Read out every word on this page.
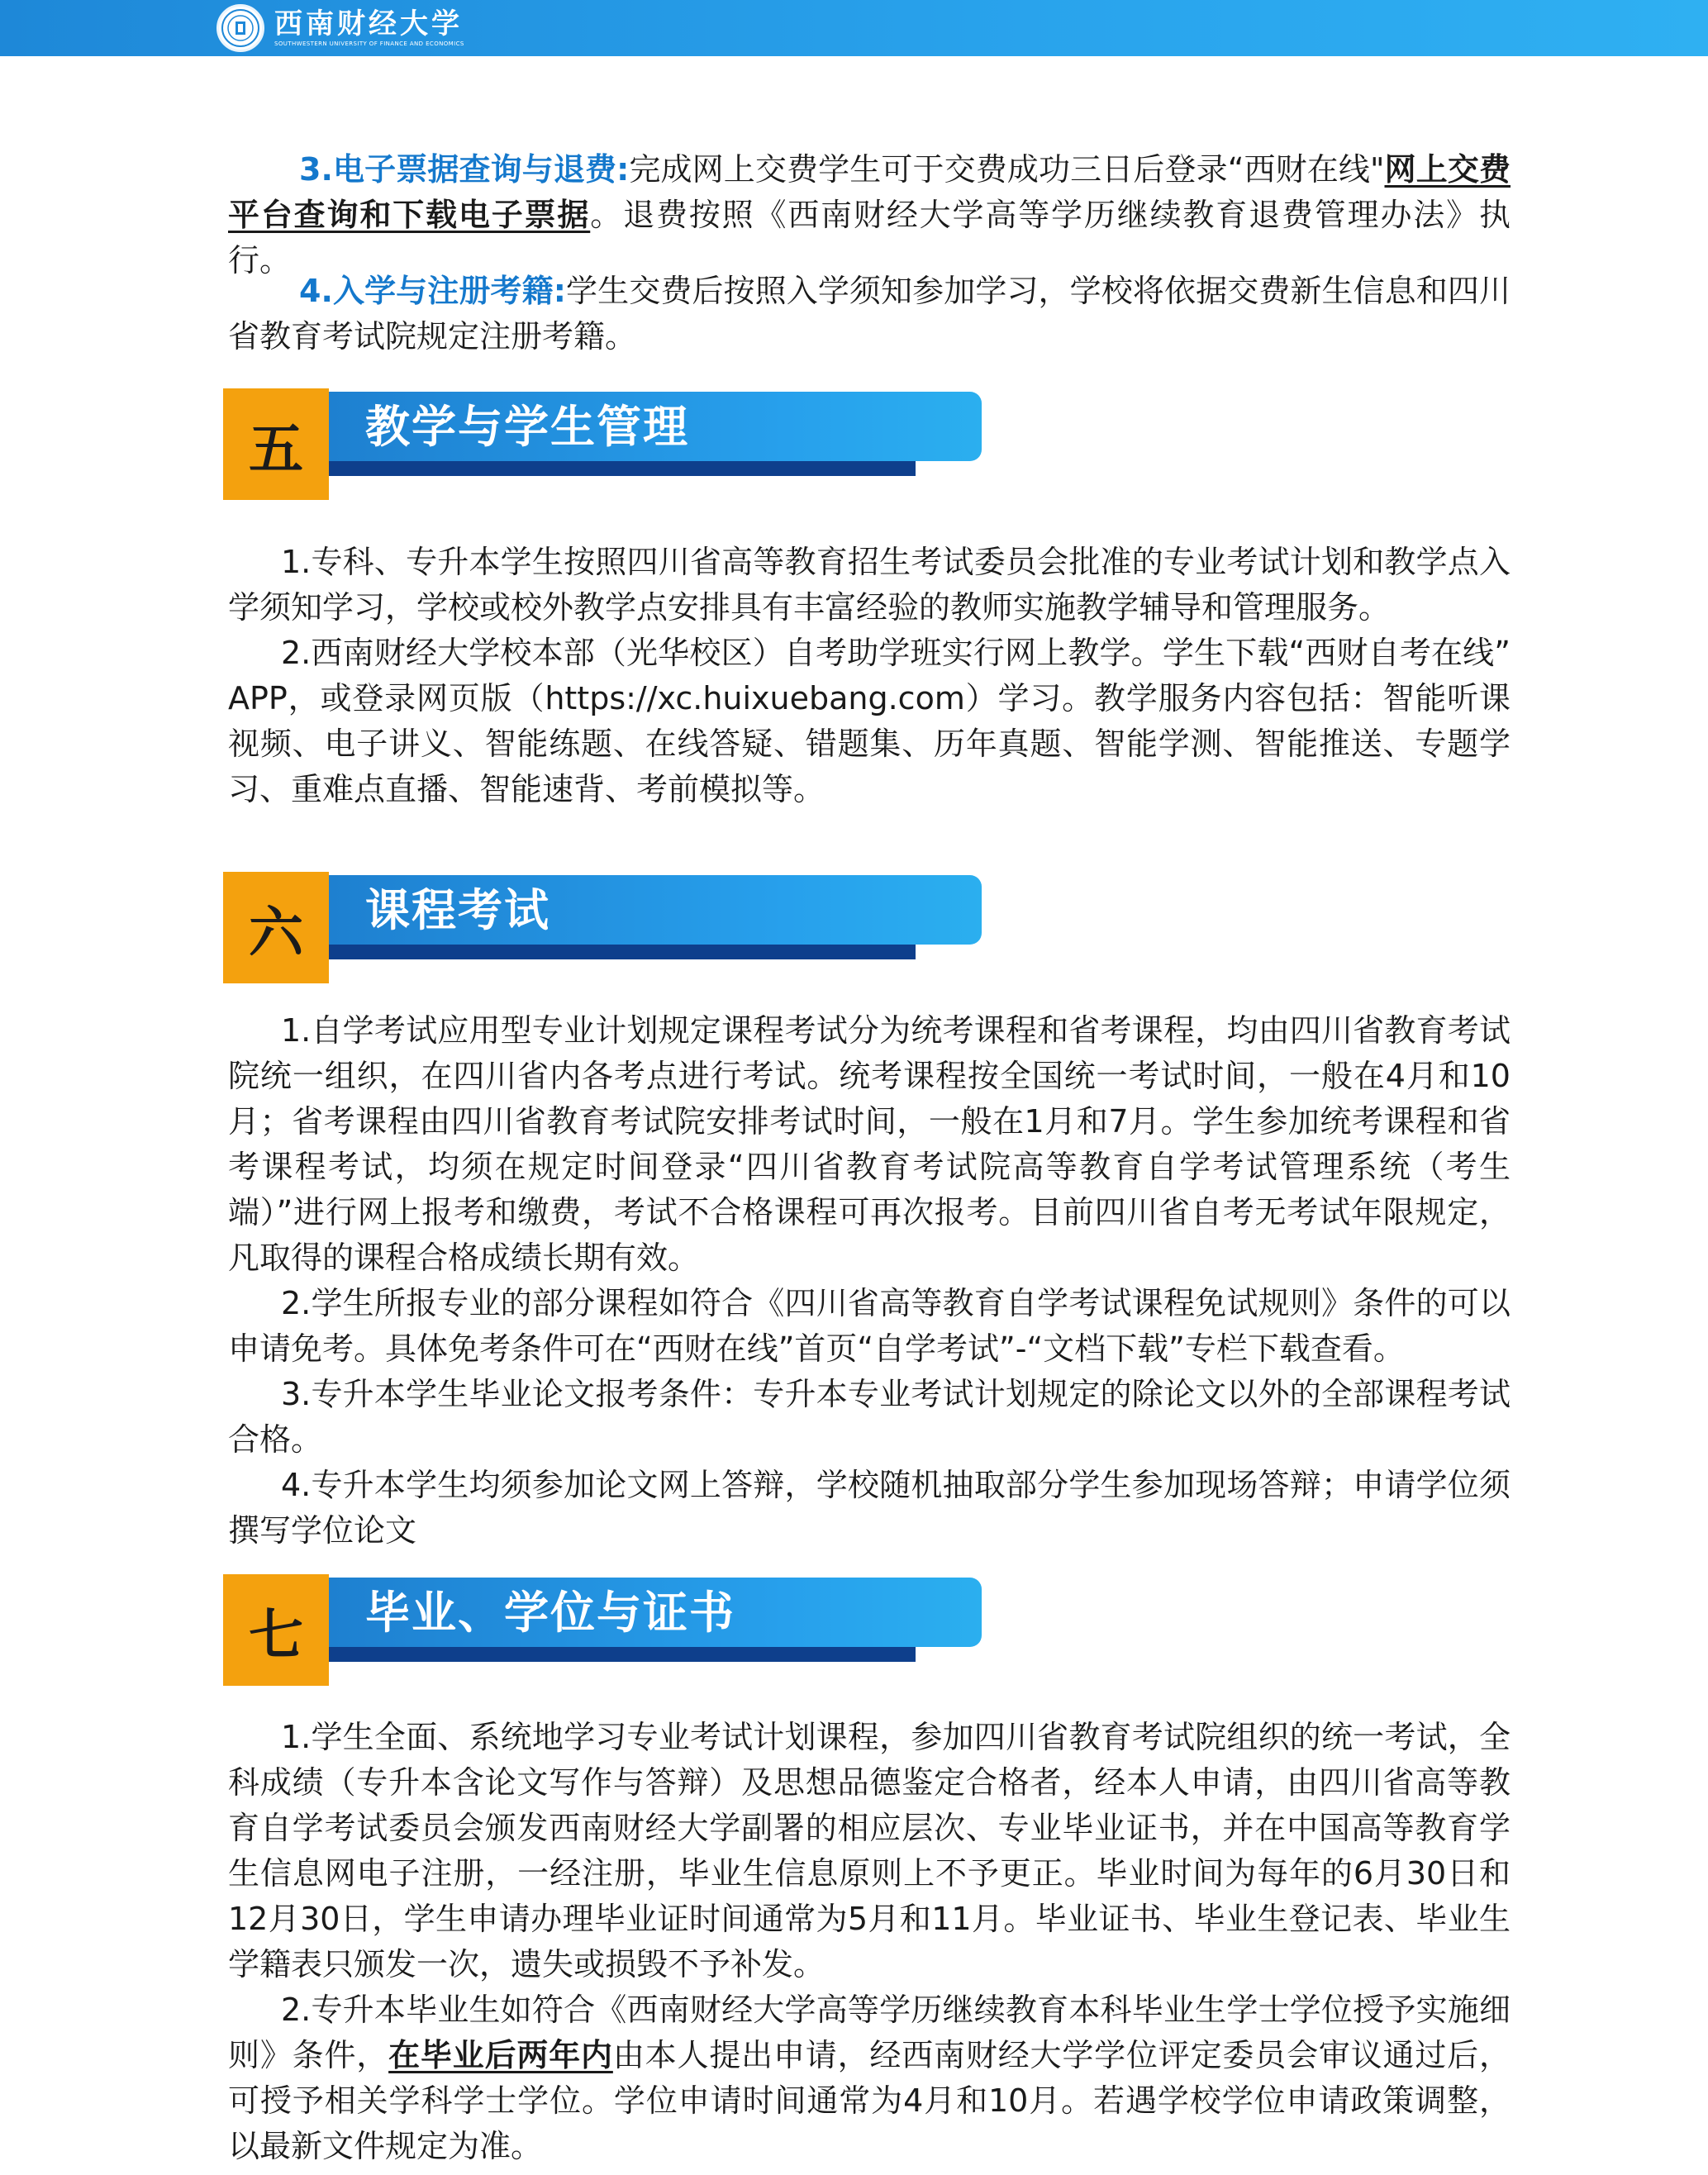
西南财经大学
SOUTHWESTERN UNIVERSITY OF FINANCE AND ECONOMICS

3.电子票据查询与退费:完成网上交费学生可于交费成功三日后登录“西财在线"网上交费平台查询和下载电子票据。退费按照《西南财经大学高等学历继续教育退费管理办法》执行。

4.入学与注册考籍:学生交费后按照入学须知参加学习，学校将依据交费新生信息和四川省教育考试院规定注册考籍。

五 教学与学生管理

1.专科、专升本学生按照四川省高等教育招生考试委员会批准的专业考试计划和教学点入学须知学习，学校或校外教学点安排具有丰富经验的教师实施教学辅导和管理服务。

2.西南财经大学校本部（光华校区）自考助学班实行网上教学。学生下载“西财自考在线” APP，或登录网页版（https://xc.huixuebang.com）学习。教学服务内容包括：智能听课视频、电子讲义、智能练题、在线答疑、错题集、历年真题、智能学测、智能推送、专题学习、重难点直播、智能速背、考前模拟等。

六 课程考试

1.自学考试应用型专业计划规定课程考试分为统考课程和省考课程，均由四川省教育考试院统一组织，在四川省内各考点进行考试。统考课程按全国统一考试时间，一般在4月和10月；省考课程由四川省教育考试院安排考试时间，一般在1月和7月。学生参加统考课程和省考课程考试，均须在规定时间登录“四川省教育考试院高等教育自学考试管理系统（考生端）”进行网上报考和缴费，考试不合格课程可再次报考。目前四川省自考无考试年限规定，凡取得的课程合格成绩长期有效。

2.学生所报专业的部分课程如符合《四川省高等教育自学考试课程免试规则》条件的可以申请免考。具体免考条件可在“西财在线”首页“自学考试”-“文档下载”专栏下载查看。

3.专升本学生毕业论文报考条件：专升本专业考试计划规定的除论文以外的全部课程考试合格。

4.专升本学生均须参加论文网上答辩，学校随机抽取部分学生参加现场答辩；申请学位须撰写学位论文

七 毕业、学位与证书

1.学生全面、系统地学习专业考试计划课程，参加四川省教育考试院组织的统一考试，全科成绩（专升本含论文写作与答辩）及思想品德鉴定合格者，经本人申请，由四川省高等教育自学考试委员会颁发西南财经大学副署的相应层次、专业毕业证书，并在中国高等教育学生信息网电子注册，一经注册，毕业生信息原则上不予更正。毕业时间为每年的6月30日和12月30日，学生申请办理毕业证时间通常为5月和11月。毕业证书、毕业生登记表、毕业生学籍表只颁发一次，遗失或损毁不予补发。

2.专升本毕业生如符合《西南财经大学高等学历继续教育本科毕业生学士学位授予实施细则》条件，在毕业后两年内由本人提出申请，经西南财经大学学位评定委员会审议通过后，可授予相关学科学士学位。学位申请时间通常为4月和10月。若遇学校学位申请政策调整，以最新文件规定为准。
